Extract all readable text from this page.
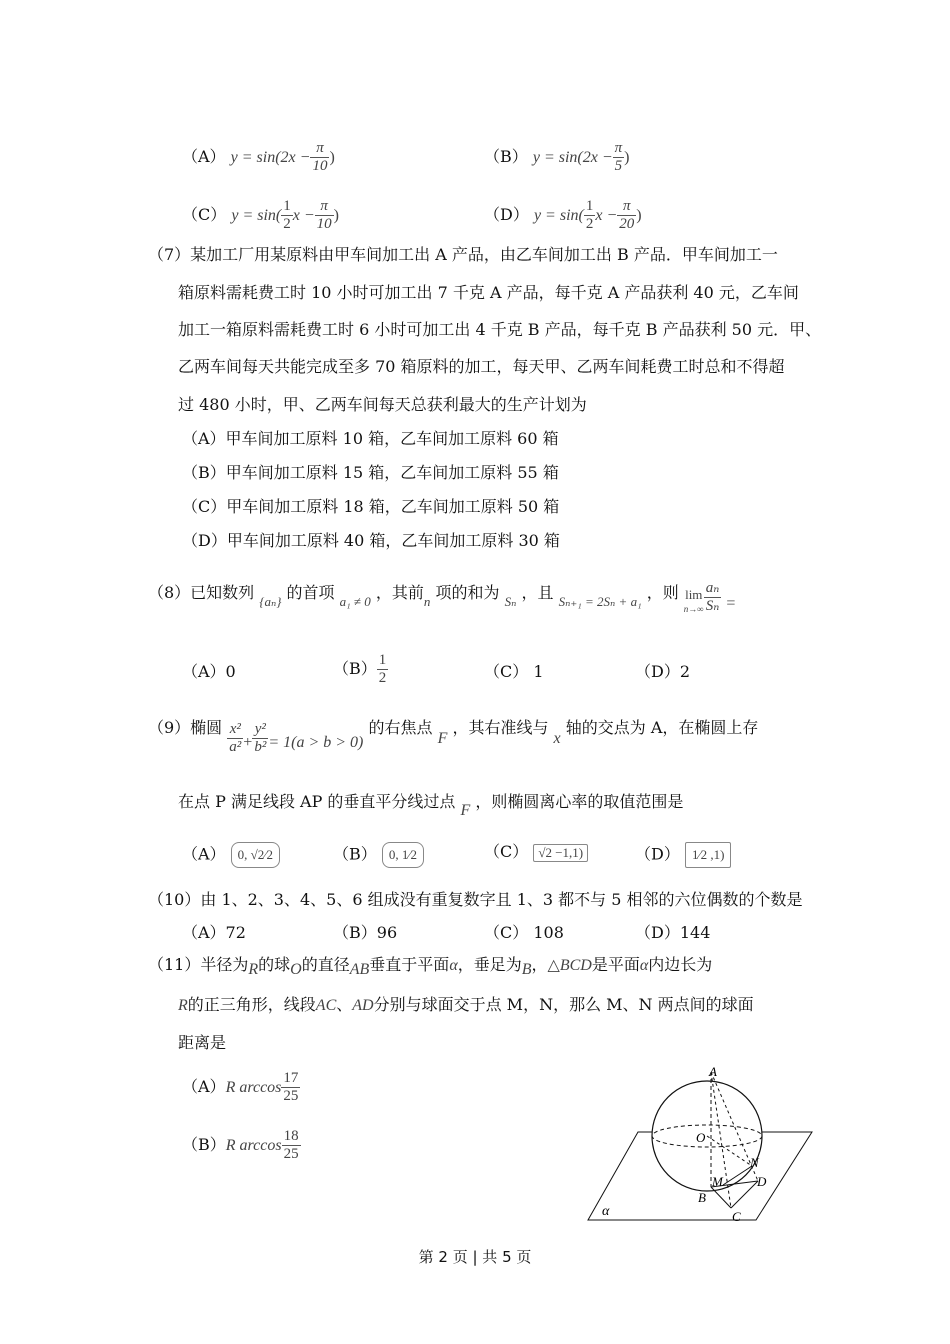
（A） $y = \sin(2x - \frac{\pi}{10}$ )	（B） $y = \sin(2x - \frac{\pi}{5}$ )
（C） $y = \sin( \frac{1}{2}$ $x - \frac{\pi}{10}$ )	（D） $y = \sin( \frac{1}{2}$ $x - \frac{\pi}{20}$ )
（7）某加工厂用某原料由甲车间加工出 A 产品，由乙车间加工出 B 产品．甲车间加工一
箱原料需耗费工时 10 小时可加工出 7 千克 A 产品，每千克 A 产品获利 40 元，乙车间
加工一箱原料需耗费工时 6 小时可加工出 4 千克 B 产品，每千克 B 产品获利 50 元．甲、
乙两车间每天共能完成至多 70 箱原料的加工，每天甲、乙两车间耗费工时总和不得超
过 480 小时，甲、乙两车间每天总获利最大的生产计划为
（A）甲车间加工原料 10 箱，乙车间加工原料 60 箱
（B）甲车间加工原料 15 箱，乙车间加工原料 55 箱
（C）甲车间加工原料 18 箱，乙车间加工原料 50 箱
（D）甲车间加工原料 40 箱，乙车间加工原料 30 箱
（8）已知数列 {aₙ} 的首项 a₁ ≠ 0 ，其前n 项的和为 Sₙ ，且 Sₙ₊₁ = 2Sₙ + a₁ ，则 lim
$n\to\infty \frac{\text{aₙ}}{\text{Sₙ}}$ =
（A）0	$(B) \frac{1}{2}$	（C） 1	（D）2
（9）椭圆 $\frac{\text{x²}}{\text{a²}} + \frac{\text{y²}}{\text{b²}} = 1(a > b > 0)$ 的右焦点 F ，其右准线与 x 轴的交点为 A，在椭圆上存
在点 P 满足线段 AP 的垂直平分线过点 F ，则椭圆离心率的取值范围是
（A） 0, √2⁄2	（B） 0, 1⁄2	（C） √2 −1,1)	（D） 1⁄2 ,1)
（10）由 1、2、3、4、5、6 组成没有重复数字且 1、3 都不与 5 相邻的六位偶数的个数是
（A）72	（B）96	（C） 108	（D）144
（11）半径为R的球O的直径AB垂直于平面α，垂足为B，△BCD是平面α内边长为
R的正三角形，线段AC、AD分别与球面交于点 M，N，那么 M、N 两点间的球面
距离是
（A）R $\arccos \frac{17}{25}$
（B）R $\arccos \frac{18}{25}$
A
O
N
M	D
B
C
α
第 2 页 | 共 5 页
